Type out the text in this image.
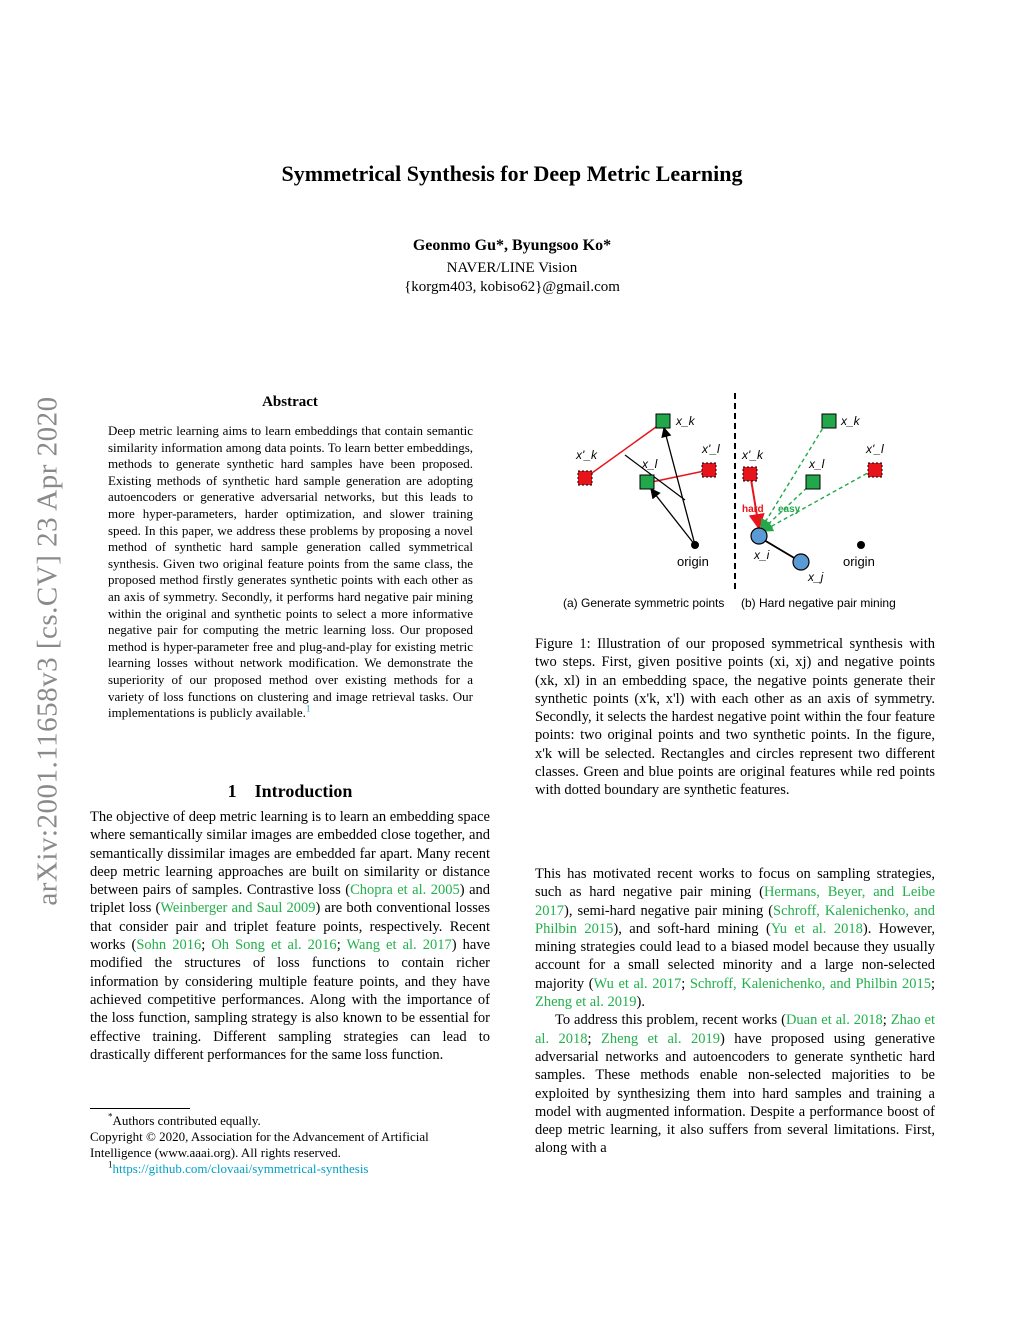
Symmetrical Synthesis for Deep Metric Learning
Geonmo Gu*, Byungsoo Ko*
NAVER/LINE Vision
{korgm403, kobiso62}@gmail.com
arXiv:2001.11658v3 [cs.CV] 23 Apr 2020	Abstract
Deep metric learning aims to learn embeddings that contain semantic similarity information among data points. To learn better embeddings, methods to generate synthetic hard samples have been proposed. Existing methods of synthetic hard sample generation are adopting autoencoders or generative adversarial networks, but this leads to more hyper-parameters, harder optimization, and slower training speed. In this paper, we address these problems by proposing a novel method of synthetic hard sample generation called symmetrical synthesis. Given two original feature points from the same class, the proposed method firstly generates synthetic points with each other as an axis of symmetry. Secondly, it performs hard negative pair mining within the original and synthetic points to select a more informative negative pair for computing the metric learning loss. Our proposed method is hyper-parameter free and plug-and-play for existing metric learning losses without network modification. We demonstrate the superiority of our proposed method over existing methods for a variety of loss functions on clustering and image retrieval tasks. Our implementations is publicly available.$^1$
1 Introduction
The objective of deep metric learning is to learn an embedding space where semantically similar images are embedded close together, and semantically dissimilar images are embedded far apart. Many recent deep metric learning approaches are built on similarity or distance between pairs of samples. Contrastive loss (Chopra et al. 2005) and triplet loss (Weinberger and Saul 2009) are both conventional losses that consider pair and triplet feature points, respectively. Recent works (Sohn 2016; Oh Song et al. 2016; Wang et al. 2017) have modified the structures of loss functions to contain richer information by considering multiple feature points, and they have achieved competitive performances. Along with the importance of the loss function, sampling strategy is also known to be essential for effective training. Different sampling strategies can lead to drastically different performances for the same loss function.
*Authors contributed equally.
Copyright © 2020, Association for the Advancement of Artificial Intelligence (www.aaai.org). All rights reserved.
$^1$https://github.com/clovaai/symmetrical-synthesis
x_k
x_l
x'_k	x'_l
origin
x_k
x_l
x'_k	x'_l
hard easy
x_i
x_j
origin
(a) Generate symmetric points (b) Hard negative pair mining
Figure 1: Illustration of our proposed symmetrical synthesis with two steps. First, given positive points (xi, xj) and negative points (xk, xl) in an embedding space, the negative points generate their synthetic points (x'k, x'l) with each other as an axis of symmetry. Secondly, it selects the hardest negative point within the four feature points: two original points and two synthetic points. In the figure, x'k will be selected. Rectangles and circles represent two different classes. Green and blue points are original features while red points with dotted boundary are synthetic features.

This has motivated recent works to focus on sampling strategies, such as hard negative pair mining (Hermans, Beyer, and Leibe 2017), semi-hard negative pair mining (Schroff, Kalenichenko, and Philbin 2015), and soft-hard mining (Yu et al. 2018). However, mining strategies could lead to a biased model because they usually account for a small selected minority and a large non-selected majority (Wu et al. 2017; Schroff, Kalenichenko, and Philbin 2015; Zheng et al. 2019).

To address this problem, recent works (Duan et al. 2018; Zhao et al. 2018; Zheng et al. 2019) have proposed using generative adversarial networks and autoencoders to generate synthetic hard samples. These methods enable non-selected majorities to be exploited by synthesizing them into hard samples and training a model with augmented information. Despite a performance boost of deep metric learning, it also suffers from several limitations. First, along with a
